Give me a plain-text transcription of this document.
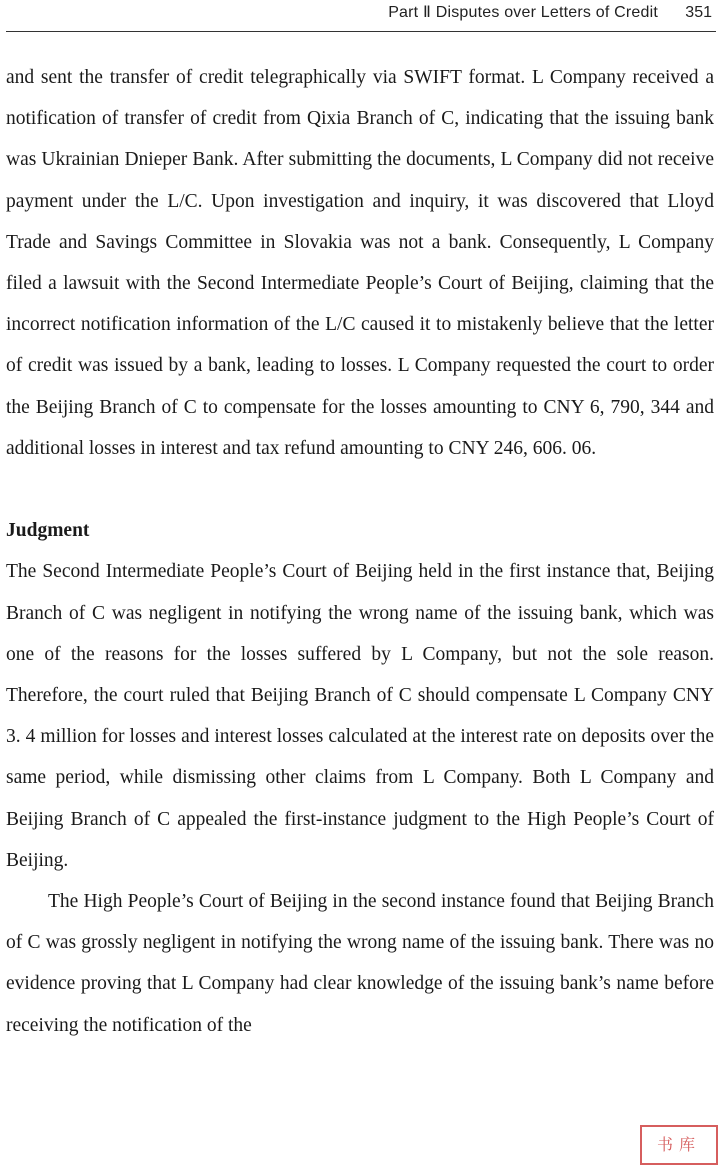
Part Ⅱ Disputes over Letters of Credit 351

and sent the transfer of credit telegraphically via SWIFT format. L Company received a notification of transfer of credit from Qixia Branch of C, indicating that the issuing bank was Ukrainian Dnieper Bank. After submitting the documents, L Company did not receive payment under the L/C. Upon investigation and inquiry, it was discovered that Lloyd Trade and Savings Committee in Slovakia was not a bank. Consequently, L Company filed a lawsuit with the Second Intermediate People’s Court of Beijing, claiming that the incorrect notification information of the L/C caused it to mistakenly believe that the letter of credit was issued by a bank, leading to losses. L Company requested the court to order the Beijing Branch of C to compensate for the losses amounting to CNY 6, 790, 344 and additional losses in interest and tax refund amounting to CNY 246, 606. 06.

Judgment

The Second Intermediate People’s Court of Beijing held in the first instance that, Beijing Branch of C was negligent in notifying the wrong name of the issuing bank, which was one of the reasons for the losses suffered by L Company, but not the sole reason. Therefore, the court ruled that Beijing Branch of C should compensate L Company CNY 3. 4 million for losses and interest losses calculated at the interest rate on deposits over the same period, while dismissing other claims from L Company. Both L Company and Beijing Branch of C appealed the first-instance judgment to the High People’s Court of Beijing.

The High People’s Court of Beijing in the second instance found that Beijing Branch of C was grossly negligent in notifying the wrong name of the issuing bank. There was no evidence proving that L Company had clear knowledge of the issuing bank’s name before receiving the notification of the

书库
